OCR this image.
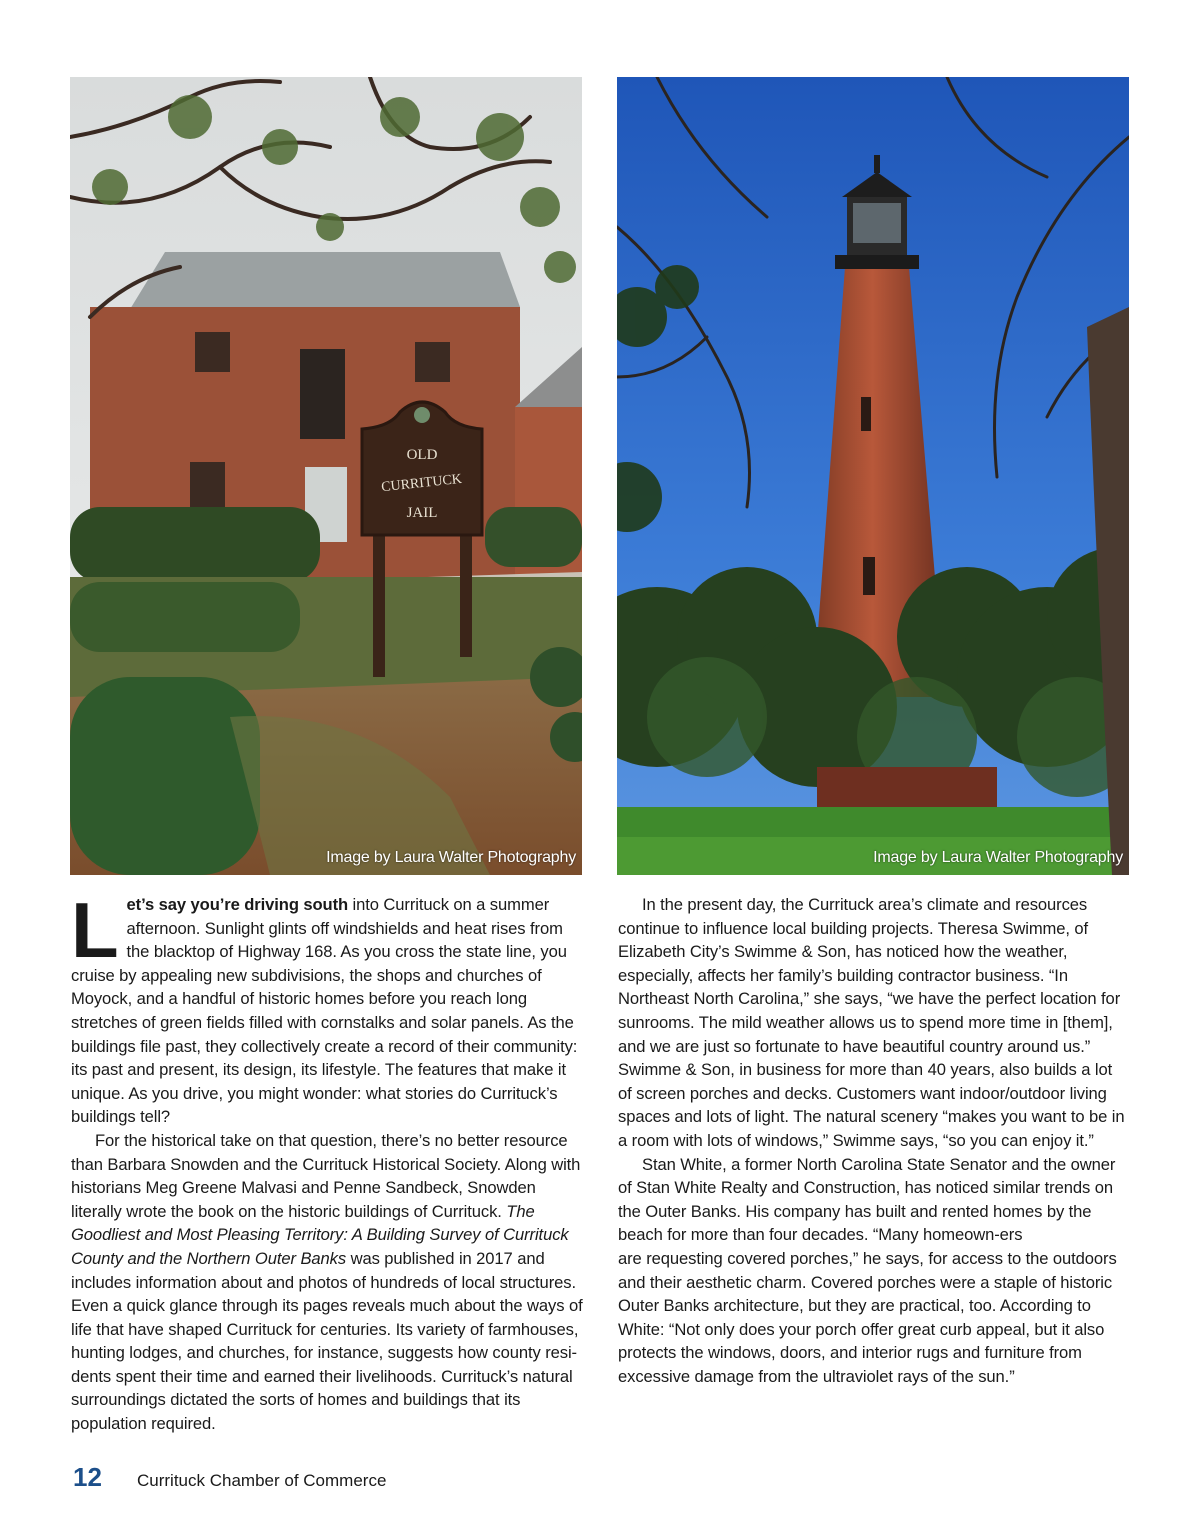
OLD
CURRITUCK
JAIL
Image by Laura Walter Photography	Image by Laura Walter Photography

Let’s say you’re driving south into Currituck on a summer afternoon. Sunlight glints off windshields and heat rises from the blacktop of Highway 168. As you cross the state line, you cruise by appealing new subdivisions, the shops and churches of Moyock, and a handful of historic homes before you reach long stretches of green fields filled with cornstalks and solar panels. As the buildings file past, they collectively create a record of their community: its past and present, its design, its lifestyle. The features that make it unique. As you drive, you might wonder: what stories do Currituck’s buildings tell?

For the historical take on that question, there’s no better resource than Barbara Snowden and the Currituck Historical Society. Along with historians Meg Greene Malvasi and Penne Sandbeck, Snowden literally wrote the book on the historic buildings of Currituck. The Goodliest and Most Pleasing Territory: A Building Survey of Currituck County and the Northern Outer Banks was published in 2017 and includes information about and photos of hundreds of local structures. Even a quick glance through its pages reveals much about the ways of life that have shaped Currituck for centuries. Its variety of farmhouses, hunting lodges, and churches, for instance, suggests how county resi-dents spent their time and earned their livelihoods. Currituck’s natural surroundings dictated the sorts of homes and buildings that its population required.

In the present day, the Currituck area’s climate and resources continue to influence local building projects. Theresa Swimme, of Elizabeth City’s Swimme & Son, has noticed how the weather, especially, affects her family’s building contractor business. “In Northeast North Carolina,” she says, “we have the perfect location for sunrooms. The mild weather allows us to spend more time in [them], and we are just so fortunate to have beautiful country around us.” Swimme & Son, in business for more than 40 years, also builds a lot of screen porches and decks. Customers want indoor/outdoor living spaces and lots of light. The natural scenery “makes you want to be in a room with lots of windows,” Swimme says, “so you can enjoy it.”

Stan White, a former North Carolina State Senator and the owner of Stan White Realty and Construction, has noticed similar trends on the Outer Banks. His company has built and rented homes by the beach for more than four decades. “Many homeown-ers

are requesting covered porches,” he says, for access to the outdoors and their aesthetic charm. Covered porches were a staple of historic Outer Banks architecture, but they are practical, too. According to White: “Not only does your porch offer great curb appeal, but it also protects the windows, doors, and interior rugs and furniture from excessive damage from the ultraviolet rays of the sun.”

12	Currituck Chamber of Commerce
